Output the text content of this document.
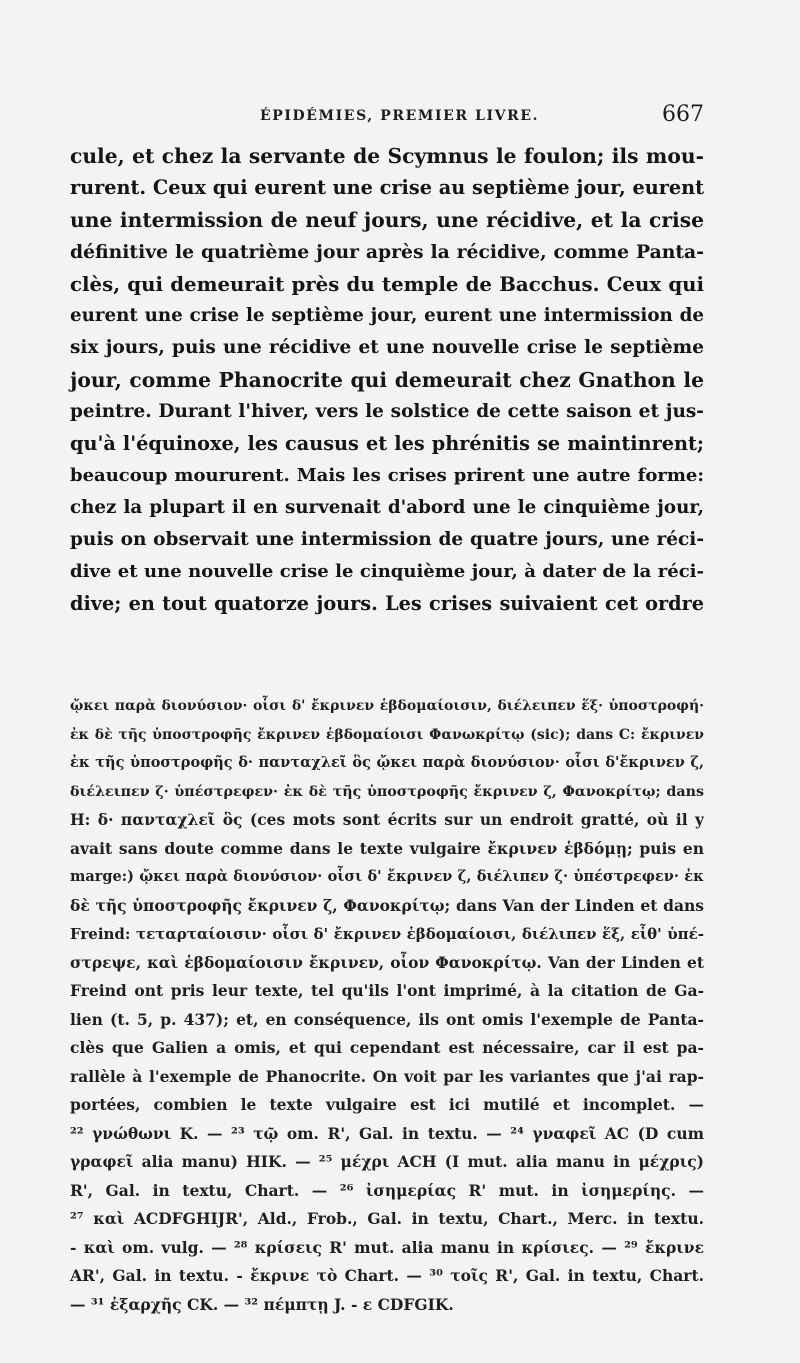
ÉPIDÉMIES, PREMIER LIVRE.	667
cule, et chez la servante de Scymnus le foulon; ils mou-
rurent. Ceux qui eurent une crise au septième jour, eurent
une intermission de neuf jours, une récidive, et la crise
définitive le quatrième jour après la récidive, comme Panta-
clès, qui demeurait près du temple de Bacchus. Ceux qui
eurent une crise le septième jour, eurent une intermission de
six jours, puis une récidive et une nouvelle crise le septième
jour, comme Phanocrite qui demeurait chez Gnathon le
peintre. Durant l'hiver, vers le solstice de cette saison et jus-
qu'à l'équinoxe, les causus et les phrénitis se maintinrent;
beaucoup moururent. Mais les crises prirent une autre forme:
chez la plupart il en survenait d'abord une le cinquième jour,
puis on observait une intermission de quatre jours, une réci-
dive et une nouvelle crise le cinquième jour, à dater de la réci-
dive; en tout quatorze jours. Les crises suivaient cet ordre
ᾤκει παρὰ διονύσιον· οἷσι δ' ἔκρινεν ἑβδομαίοισιν, διέλειπεν ἕξ· ὑποστροφή·
ἐκ δὲ τῆς ὑποστροφῆς ἔκρινεν ἑβδομαίοισι Φανωκρίτῳ (sic); dans C: ἔκρινεν
ἐκ τῆς ὑποστροφῆς δ· πανταχλεῖ ὃς ᾤκει παρὰ διονύσιον· οἷσι δ'ἔκρινεν ζ,
διέλειπεν ζ· ὑπέστρεφεν· ἐκ δὲ τῆς ὑποστροφῆς ἔκρινεν ζ, Φανοκρίτῳ; dans
H: δ· πανταχλεῖ ὃς (ces mots sont écrits sur un endroit gratté, où il y
avait sans doute comme dans le texte vulgaire ἔκρινεν ἑβδόμῃ; puis en
marge:) ᾤκει παρὰ διονύσιον· οἷσι δ' ἔκρινεν ζ, διέλιπεν ζ· ὑπέστρεφεν· ἐκ
δὲ τῆς ὑποστροφῆς ἔκρινεν ζ, Φανοκρίτῳ; dans Van der Linden et dans
Freind: τεταρταίοισιν· οἷσι δ' ἔκρινεν ἑβδομαίοισι, διέλιπεν ἕξ, εἶθ' ὑπέ-
στρεψε, καὶ ἑβδομαίοισιν ἔκρινεν, οἷον Φανοκρίτῳ. Van der Linden et
Freind ont pris leur texte, tel qu'ils l'ont imprimé, à la citation de Ga-
lien (t. 5, p. 437); et, en conséquence, ils ont omis l'exemple de Panta-
clès que Galien a omis, et qui cependant est nécessaire, car il est pa-
rallèle à l'exemple de Phanocrite. On voit par les variantes que j'ai rap-
portées, combien le texte vulgaire est ici mutilé et incomplet. —
²² γνώθωνι K. — ²³ τῷ om. R', Gal. in textu. — ²⁴ γναφεῖ AC (D cum
γραφεῖ alia manu) HIK. — ²⁵ μέχρι ACH (I mut. alia manu in μέχρις)
R', Gal. in textu, Chart. — ²⁶ ἰσημερίας R' mut. in ἰσημερίης. —
²⁷ καὶ ACDFGHIJR', Ald., Frob., Gal. in textu, Chart., Merc. in textu.
- καὶ om. vulg. — ²⁸ κρίσεις R' mut. alia manu in κρίσιες. — ²⁹ ἔκρινε
AR', Gal. in textu. - ἔκρινε τὸ Chart. — ³⁰ τοῖς R', Gal. in textu, Chart.
— ³¹ ἐξαρχῆς CK. — ³² πέμπτῃ J. - ε CDFGIK.
